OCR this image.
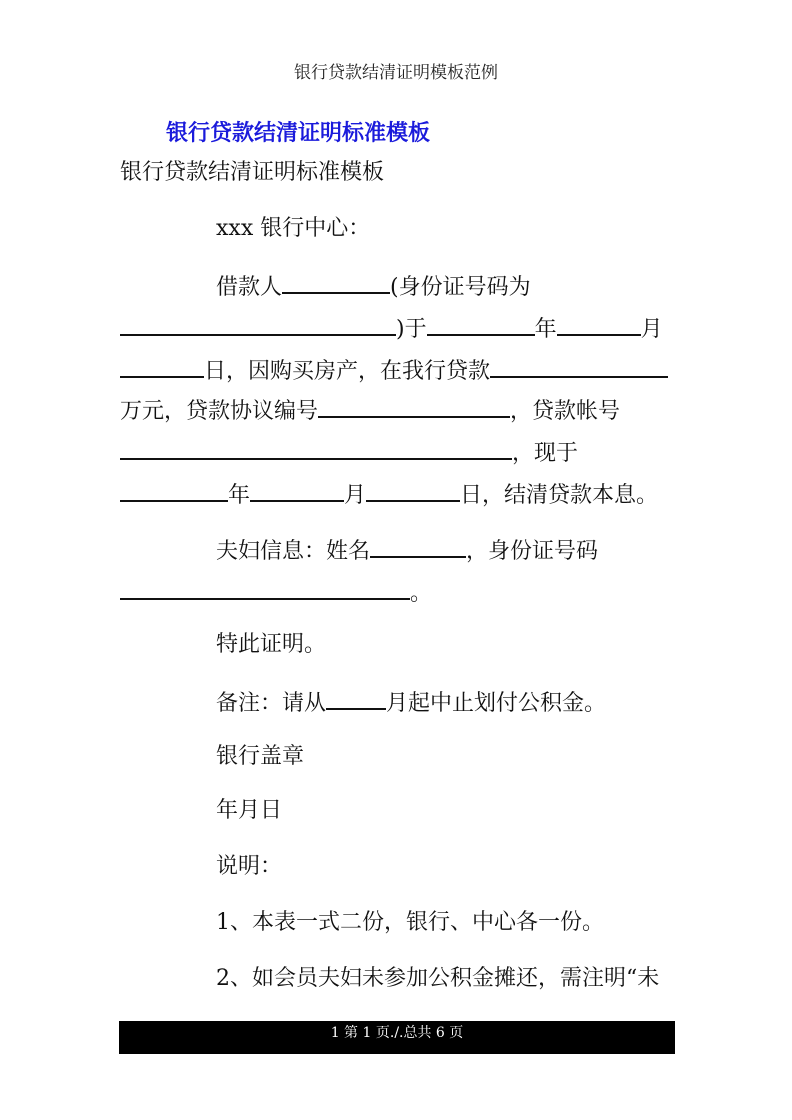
银行贷款结清证明模板范例
银行贷款结清证明标准模板
银行贷款结清证明标准模板
xxx 银行中心：
借款人	(身份证号码为
)于	年	月
日，因购买房产，在我行贷款
万元，贷款协议编号	，贷款帐号
，现于
年	月	日，结清贷款本息。
夫妇信息：姓名	，身份证号码
。
特此证明。
备注：请从	月起中止划付公积金。
银行盖章
年月日
说明：
1、本表一式二份，银行、中心各一份。
2、如会员夫妇未参加公积金摊还，需注明“未
1 第 1 页./.总共 6 页
